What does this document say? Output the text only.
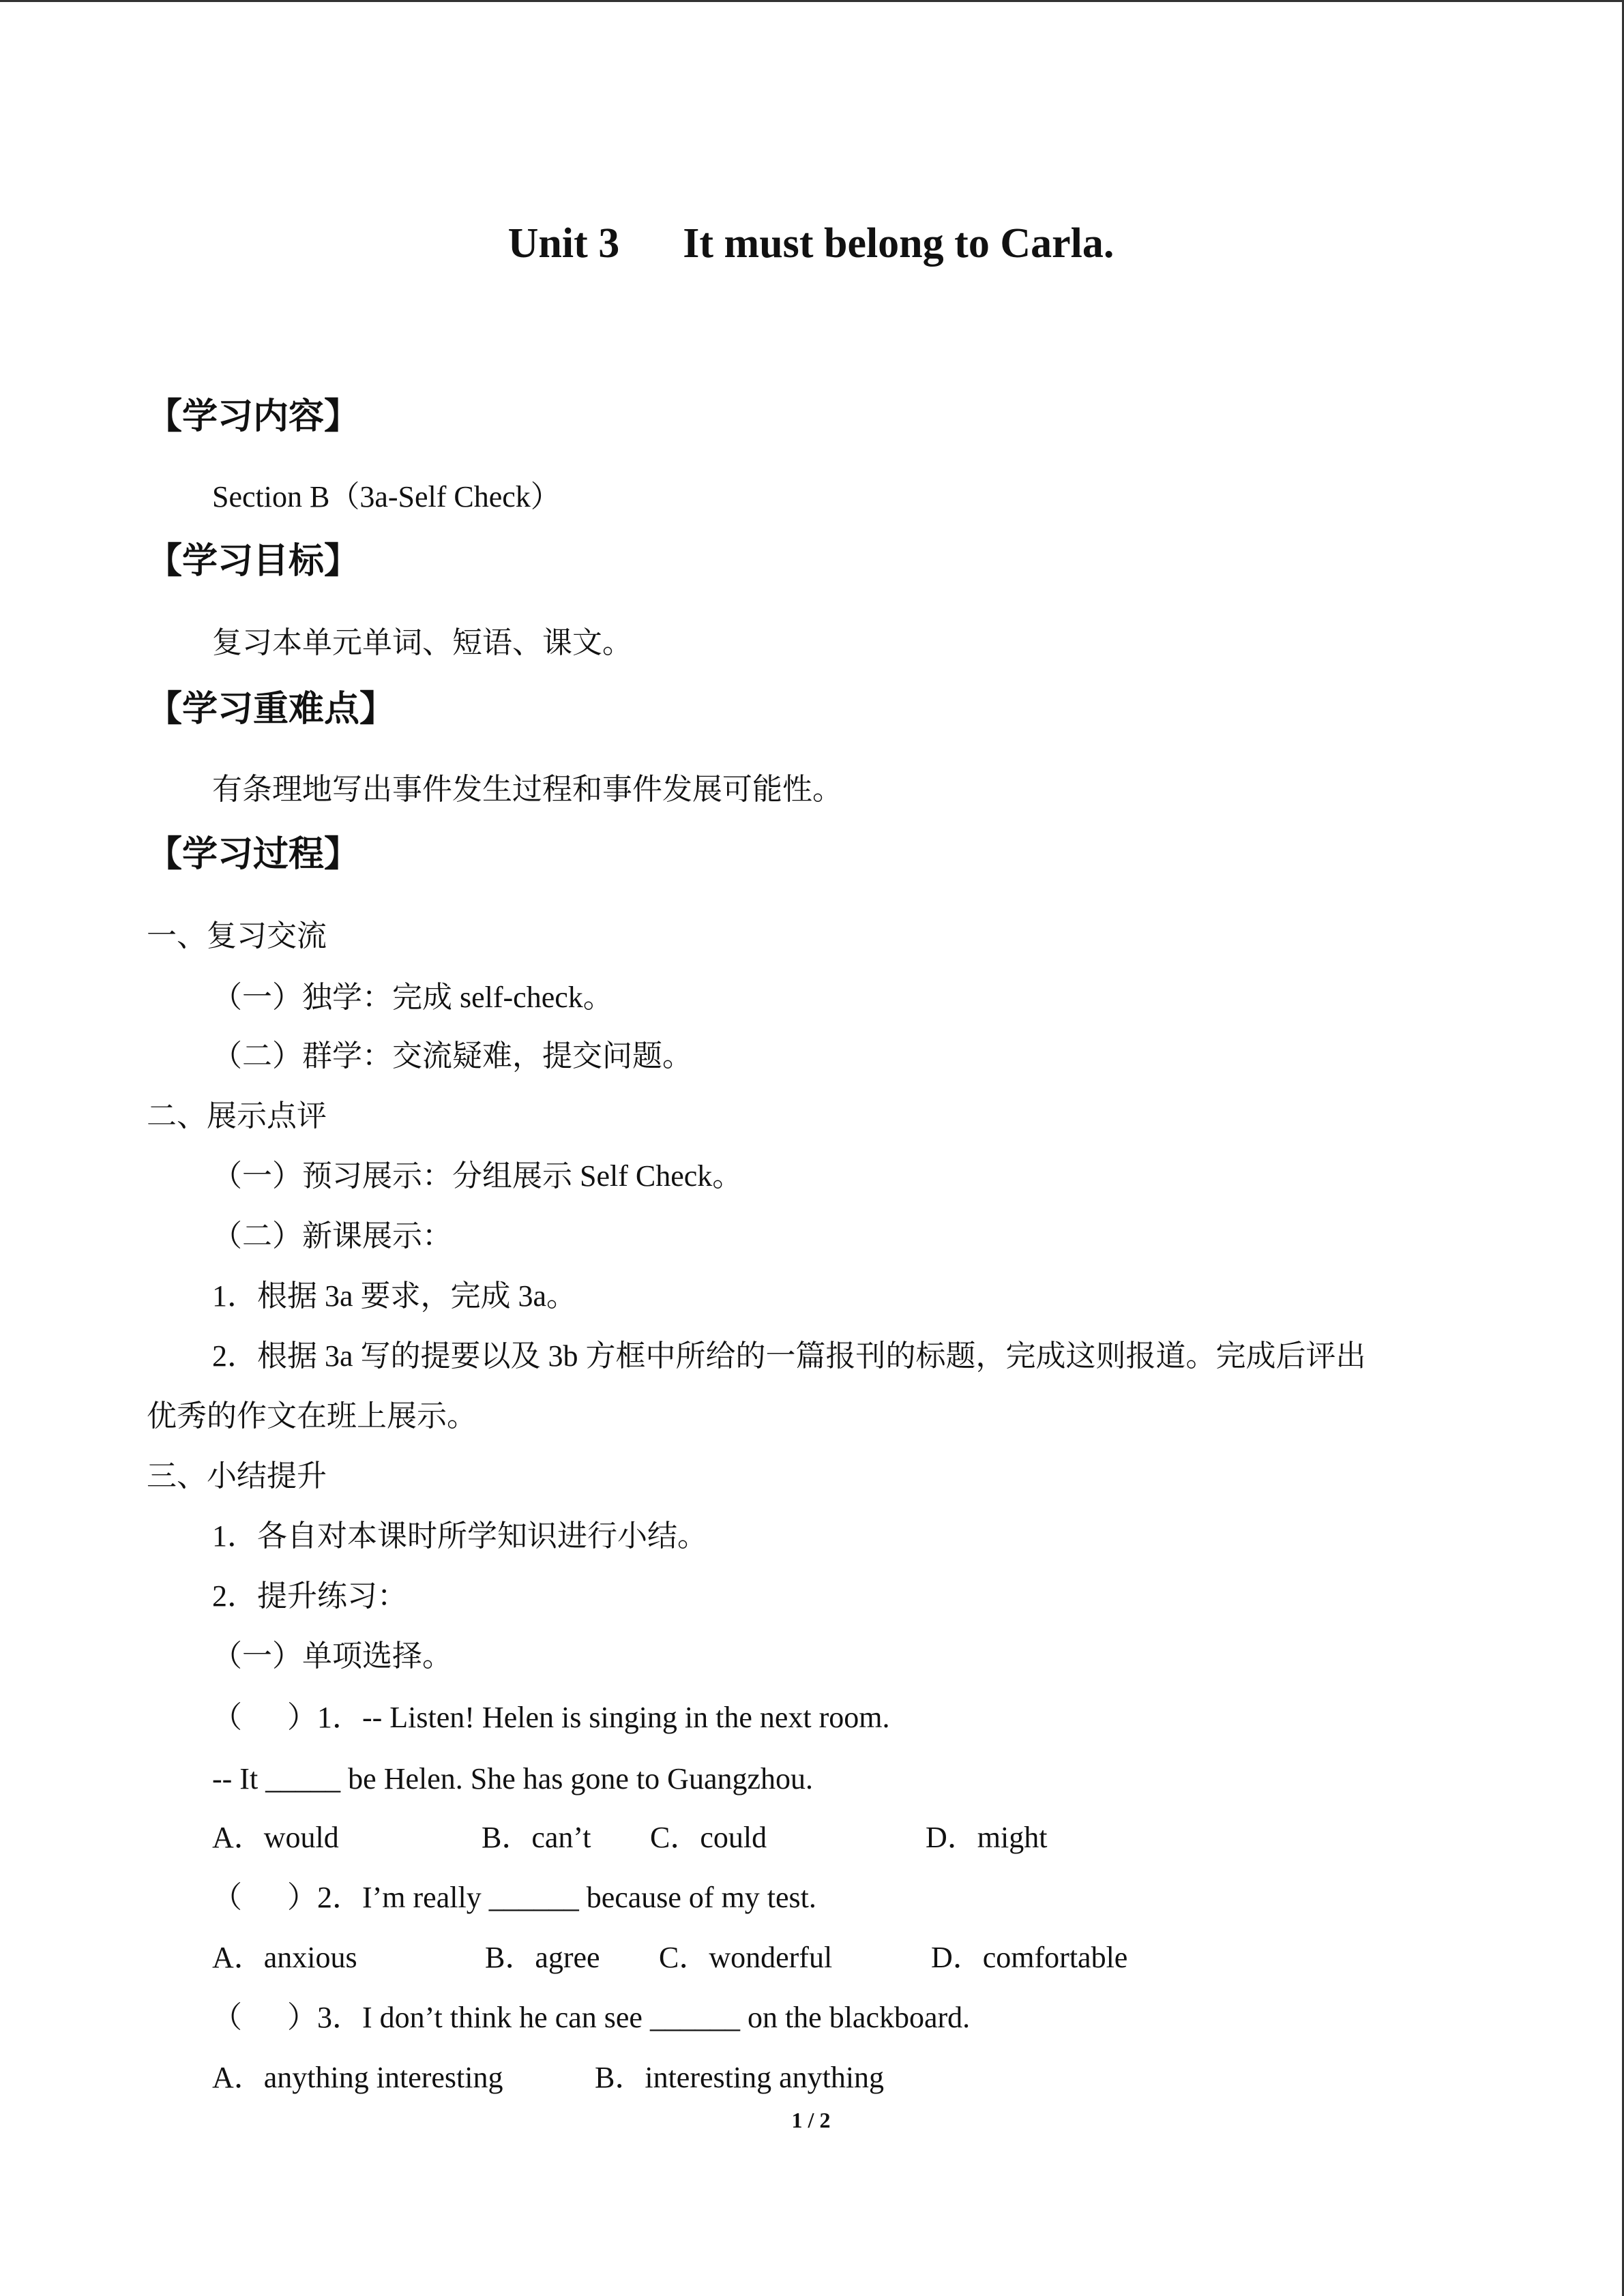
Unit 3      It must belong to Carla.
【学习内容】
Section B（3a-Self Check）
【学习目标】
复习本单元单词、短语、课文。
【学习重难点】
有条理地写出事件发生过程和事件发展可能性。
【学习过程】
一、复习交流
（一）独学：完成 self-check。
（二）群学：交流疑难，提交问题。
二、展示点评
（一）预习展示：分组展示 Self Check。
（二）新课展示：
1．根据 3a 要求，完成 3a。
2．根据 3a 写的提要以及 3b 方框中所给的一篇报刊的标题，完成这则报道。完成后评出
优秀的作文在班上展示。
三、小结提升
1．各自对本课时所学知识进行小结。
2．提升练习：
（一）单项选择。
（      ）1．-- Listen! Helen is singing in the next room.
-- It _____ be Helen. She has gone to Guangzhou.
A．would	B．can’t C．could	D．might
（      ）2．I’m really ______ because of my test.
A．anxious	B．agree C．wonderful	D．comfortable
（      ）3．I don’t think he can see ______ on the blackboard.
A．anything interesting	B．interesting anything
1 / 2
